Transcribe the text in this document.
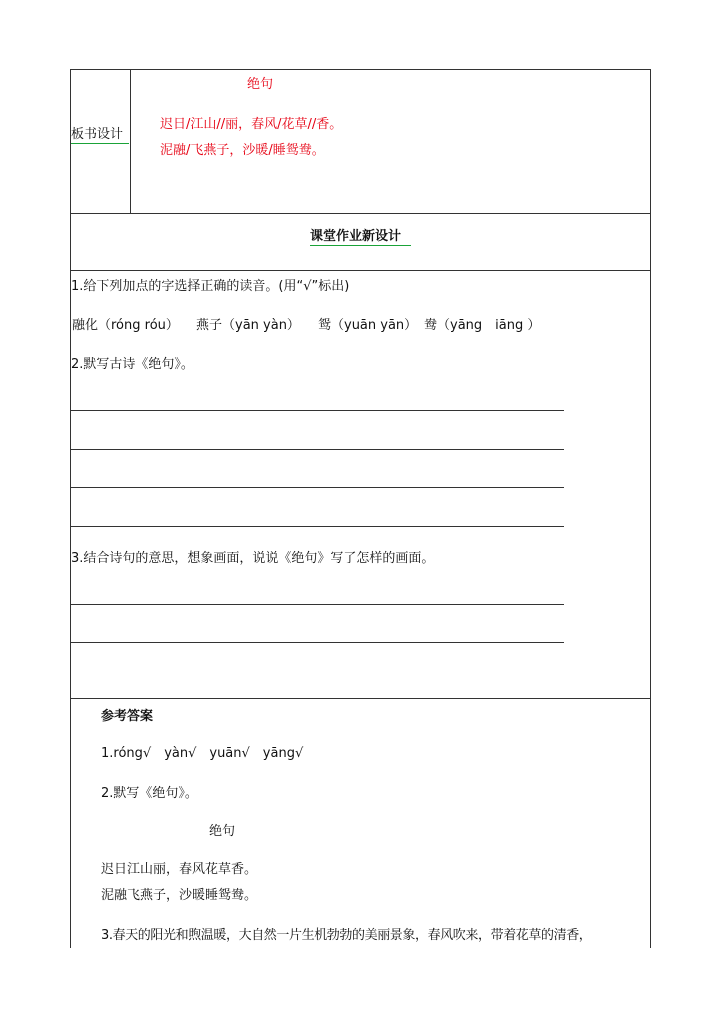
板书设计
绝句
迟日/江山//丽，春风/花草//香。
泥融/飞燕子，沙暖/睡鸳鸯。
课堂作业新设计
1.给下列加点的字选择正确的读音。(用“√”标出)
融化（róng róu） 燕子（yān yàn） 鸳（yuān yān） 鸯（yāng　iāng ）
2.默写古诗《绝句》。
3.结合诗句的意思，想象画面，说说《绝句》写了怎样的画面。
参考答案
1.róng√　yàn√　yuān√　yāng√
2.默写《绝句》。
绝句
迟日江山丽，春风花草香。
泥融飞燕子，沙暖睡鸳鸯。
3.春天的阳光和煦温暖，大自然一片生机勃勃的美丽景象，春风吹来，带着花草的清香，
